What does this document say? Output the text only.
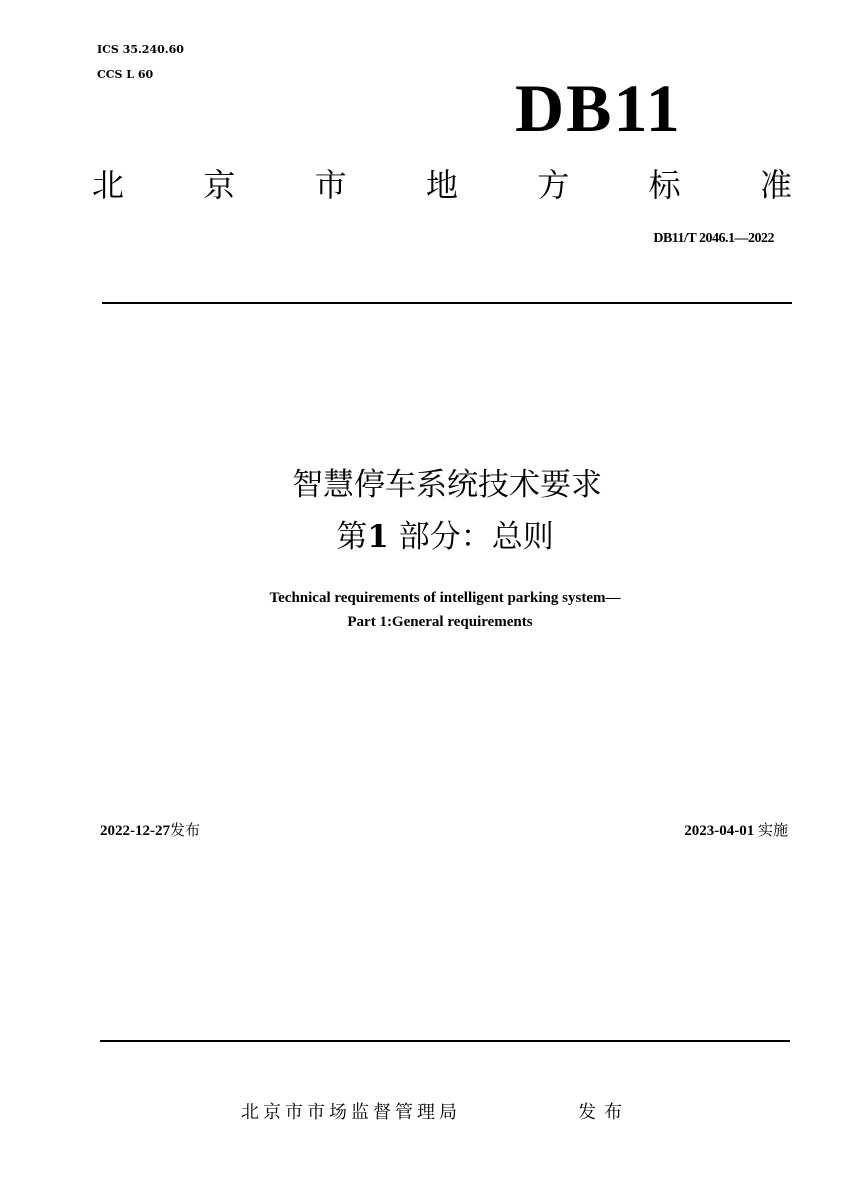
ICS 35.240.60
CCS L 60	DB11
北 京 市 地 方 标 准
DB11/T 2046.1—2022
智慧停车系统技术要求
第1 部分：总则
Technical requirements of intelligent parking system—
Part 1:General requirements
2022-12-27发布	2023-04-01 实施
北京市市场监督管理局	发布
